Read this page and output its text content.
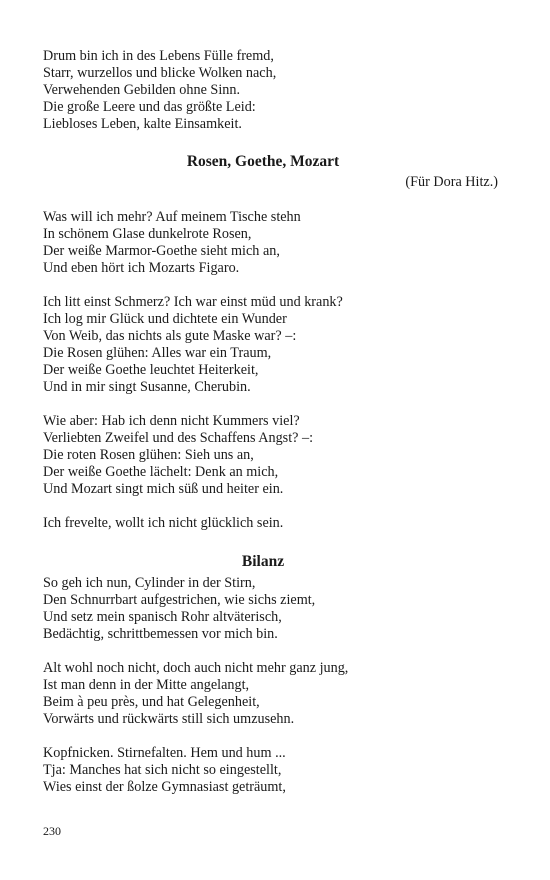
Drum bin ich in des Lebens Fülle fremd,
Starr, wurzellos und blicke Wolken nach,
Verwehenden Gebilden ohne Sinn.
Die große Leere und das größte Leid:
Liebloses Leben, kalte Einsamkeit.
Rosen, Goethe, Mozart
(Für Dora Hitz.)
Was will ich mehr? Auf meinem Tische stehn
In schönem Glase dunkelrote Rosen,
Der weiße Marmor-Goethe sieht mich an,
Und eben hört ich Mozarts Figaro.
Ich litt einst Schmerz? Ich war einst müd und krank?
Ich log mir Glück und dichtete ein Wunder
Von Weib, das nichts als gute Maske war? –:
Die Rosen glühen: Alles war ein Traum,
Der weiße Goethe leuchtet Heiterkeit,
Und in mir singt Susanne, Cherubin.
Wie aber: Hab ich denn nicht Kummers viel?
Verliebten Zweifel und des Schaffens Angst? –:
Die roten Rosen glühen: Sieh uns an,
Der weiße Goethe lächelt: Denk an mich,
Und Mozart singt mich süß und heiter ein.
Ich frevelte, wollt ich nicht glücklich sein.
Bilanz
So geh ich nun, Cylinder in der Stirn,
Den Schnurrbart aufgestrichen, wie sichs ziemt,
Und setz mein spanisch Rohr altväterisch,
Bedächtig, schrittbemessen vor mich bin.
Alt wohl noch nicht, doch auch nicht mehr ganz jung,
Ist man denn in der Mitte angelangt,
Beim à peu près, und hat Gelegenheit,
Vorwärts und rückwärts still sich umzusehn.
Kopfnicken. Stirnefalten. Hem und hum ...
Tja: Manches hat sich nicht so eingestellt,
Wies einst der ßolze Gymnasiast geträumt,
230
